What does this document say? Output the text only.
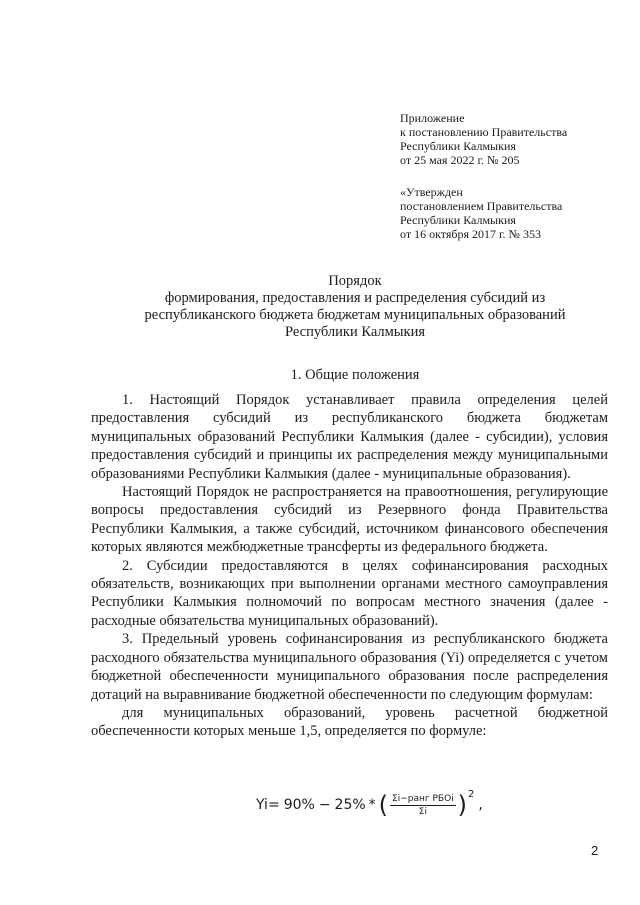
Приложение
к постановлению Правительства
Республики Калмыкия
от 25 мая 2022 г. № 205
«Утвержден
постановлением Правительства
Республики Калмыкия
от 16 октября 2017 г. № 353
Порядок
формирования, предоставления и распределения субсидий из
республиканского бюджета бюджетам муниципальных образований
Республики Калмыкия
1. Общие положения

1. Настоящий Порядок устанавливает правила определения целей предоставления субсидий из республиканского бюджета бюджетам муниципальных образований Республики Калмыкия (далее - субсидии), условия предоставления субсидий и принципы их распределения между муниципальными образованиями Республики Калмыкия (далее - муниципальные образования).

Настоящий Порядок не распространяется на правоотношения, регулирующие вопросы предоставления субсидий из Резервного фонда Правительства Республики Калмыкия, а также субсидий, источником финансового обеспечения которых являются межбюджетные трансферты из федерального бюджета.

2. Субсидии предоставляются в целях софинансирования расходных обязательств, возникающих при выполнении органами местного самоуправления Республики Калмыкия полномочий по вопросам местного значения (далее - расходные обязательства муниципальных образований).

3. Предельный уровень софинансирования из республиканского бюджета расходного обязательства муниципального образования (Yi) определяется с учетом бюджетной обеспеченности муниципального образования после распределения дотаций на выравнивание бюджетной обеспеченности по следующим формулам:

для муниципальных образований, уровень расчетной бюджетной обеспеченности которых меньше 1,5, определяется по формуле:

Yi= 90% − 25% * ( $\frac{\text{Σi−ранг РБОi}}{\Sigma i}$ ) 2
,
2
